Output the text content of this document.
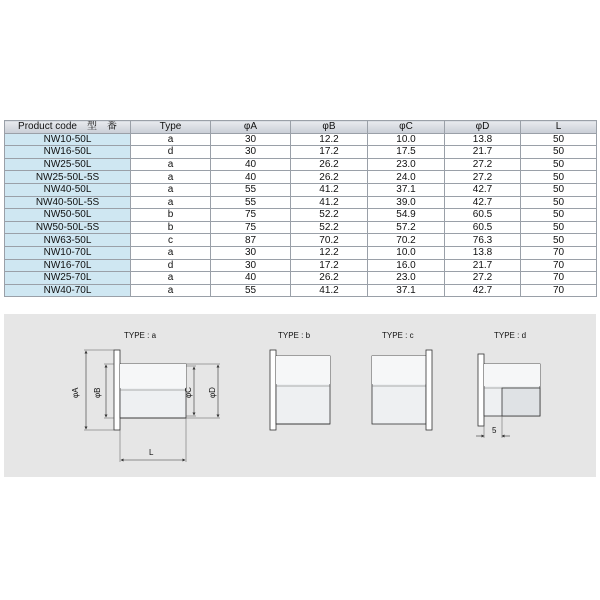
Product code　型　番	Type	φA	φB	φC	φD	L
NW10-50L	a	30	12.2	10.0	13.8	50
NW16-50L	d	30	17.2	17.5	21.7	50
NW25-50L	a	40	26.2	23.0	27.2	50
NW25-50L-5S	a	40	26.2	24.0	27.2	50
NW40-50L	a	55	41.2	37.1	42.7	50
NW40-50L-5S	a	55	41.2	39.0	42.7	50
NW50-50L	b	75	52.2	54.9	60.5	50
NW50-50L-5S	b	75	52.2	57.2	60.5	50
NW63-50L	c	87	70.2	70.2	76.3	50
NW10-70L	a	30	12.2	10.0	13.8	70
NW16-70L	d	30	17.2	16.0	21.7	70
NW25-70L	a	40	26.2	23.0	27.2	70
NW40-70L	a	55	41.2	37.1	42.7	70
TYPE : a
φA φB	φC φD
L
TYPE : b	TYPE : c	TYPE : d
5
